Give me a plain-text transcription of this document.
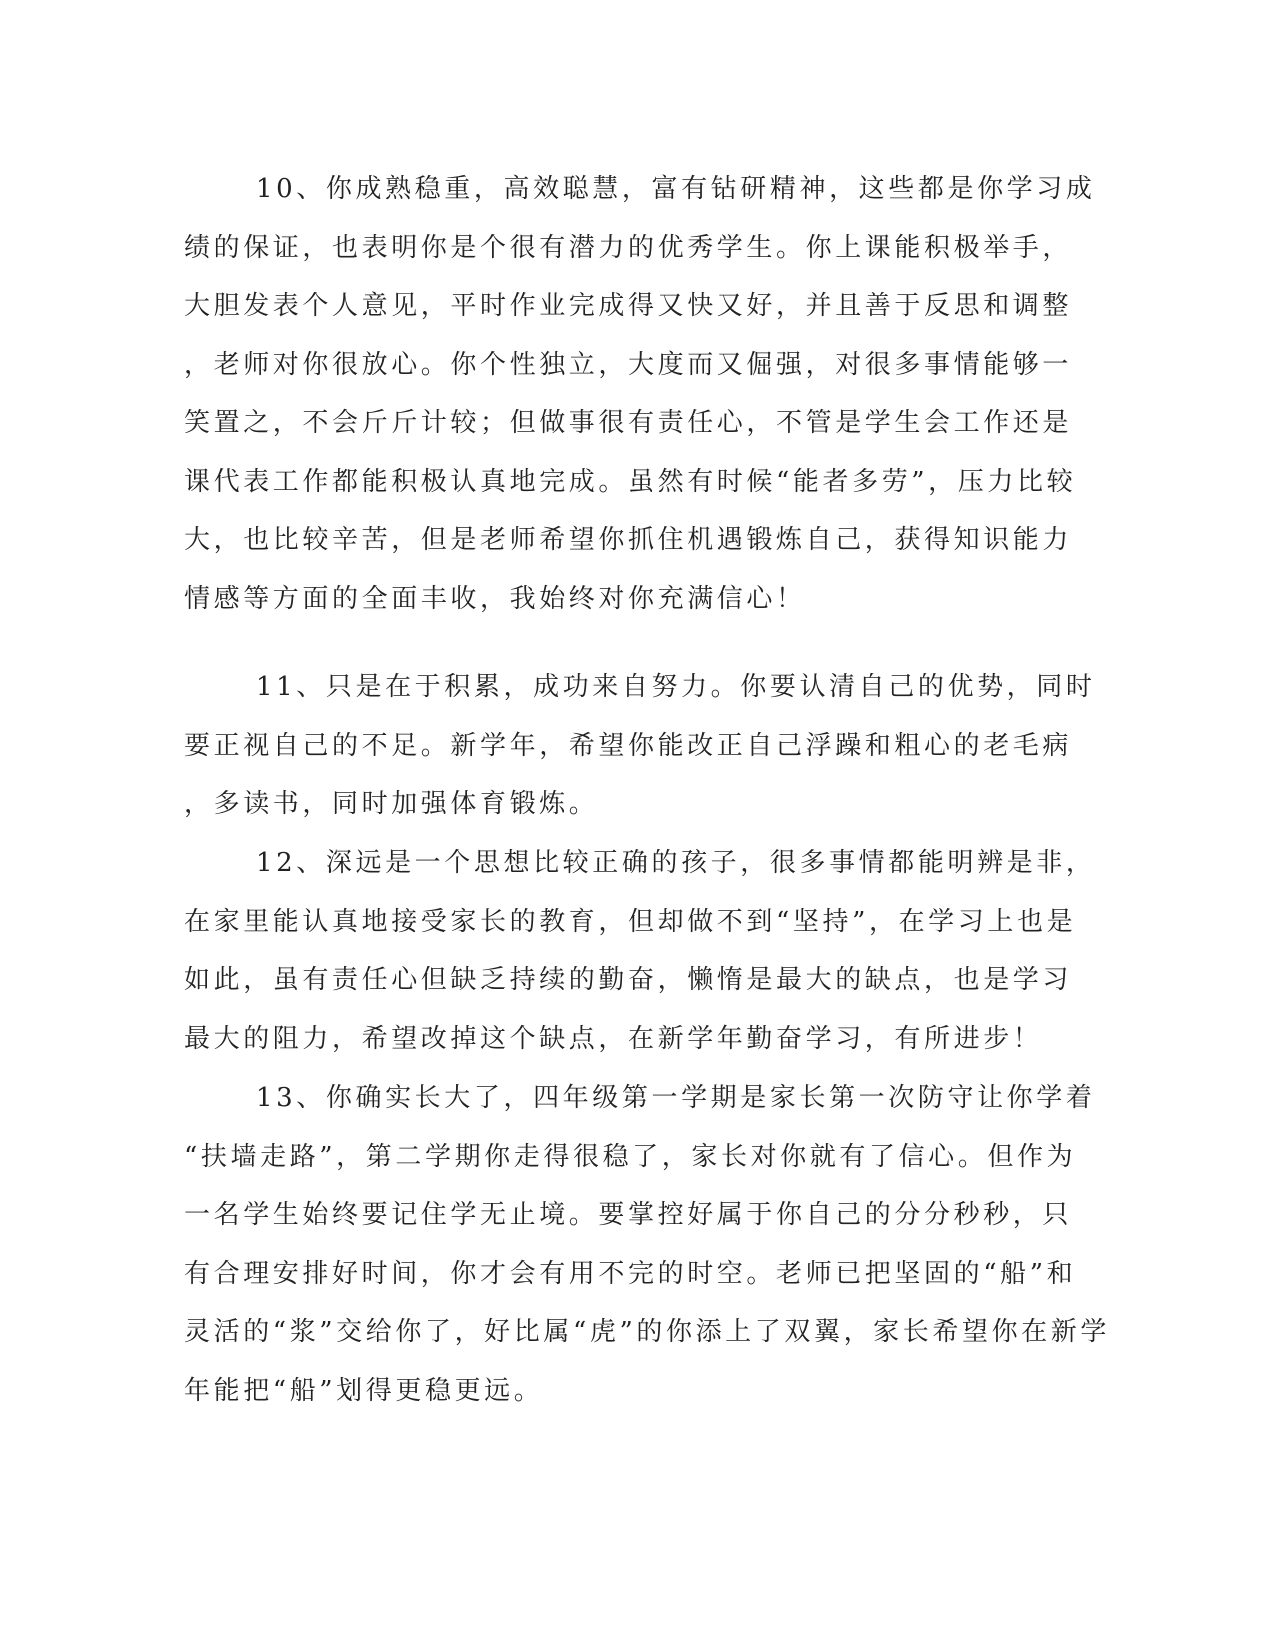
10、你成熟稳重，高效聪慧，富有钻研精神，这些都是你学习成
绩的保证，也表明你是个很有潜力的优秀学生。你上课能积极举手，
大胆发表个人意见，平时作业完成得又快又好，并且善于反思和调整
，老师对你很放心。你个性独立，大度而又倔强，对很多事情能够一
笑置之，不会斤斤计较；但做事很有责任心，不管是学生会工作还是
课代表工作都能积极认真地完成。虽然有时候“能者多劳”，压力比较
大，也比较辛苦，但是老师希望你抓住机遇锻炼自己，获得知识能力
情感等方面的全面丰收，我始终对你充满信心！
11、只是在于积累，成功来自努力。你要认清自己的优势，同时
要正视自己的不足。新学年，希望你能改正自己浮躁和粗心的老毛病
，多读书，同时加强体育锻炼。
12、深远是一个思想比较正确的孩子，很多事情都能明辨是非，
在家里能认真地接受家长的教育，但却做不到“坚持”，在学习上也是
如此，虽有责任心但缺乏持续的勤奋，懒惰是最大的缺点，也是学习
最大的阻力，希望改掉这个缺点，在新学年勤奋学习，有所进步！
13、你确实长大了，四年级第一学期是家长第一次防守让你学着
“扶墙走路”，第二学期你走得很稳了，家长对你就有了信心。但作为
一名学生始终要记住学无止境。要掌控好属于你自己的分分秒秒，只
有合理安排好时间，你才会有用不完的时空。老师已把坚固的“船”和
灵活的“浆”交给你了，好比属“虎”的你添上了双翼，家长希望你在新学
年能把“船”划得更稳更远。
